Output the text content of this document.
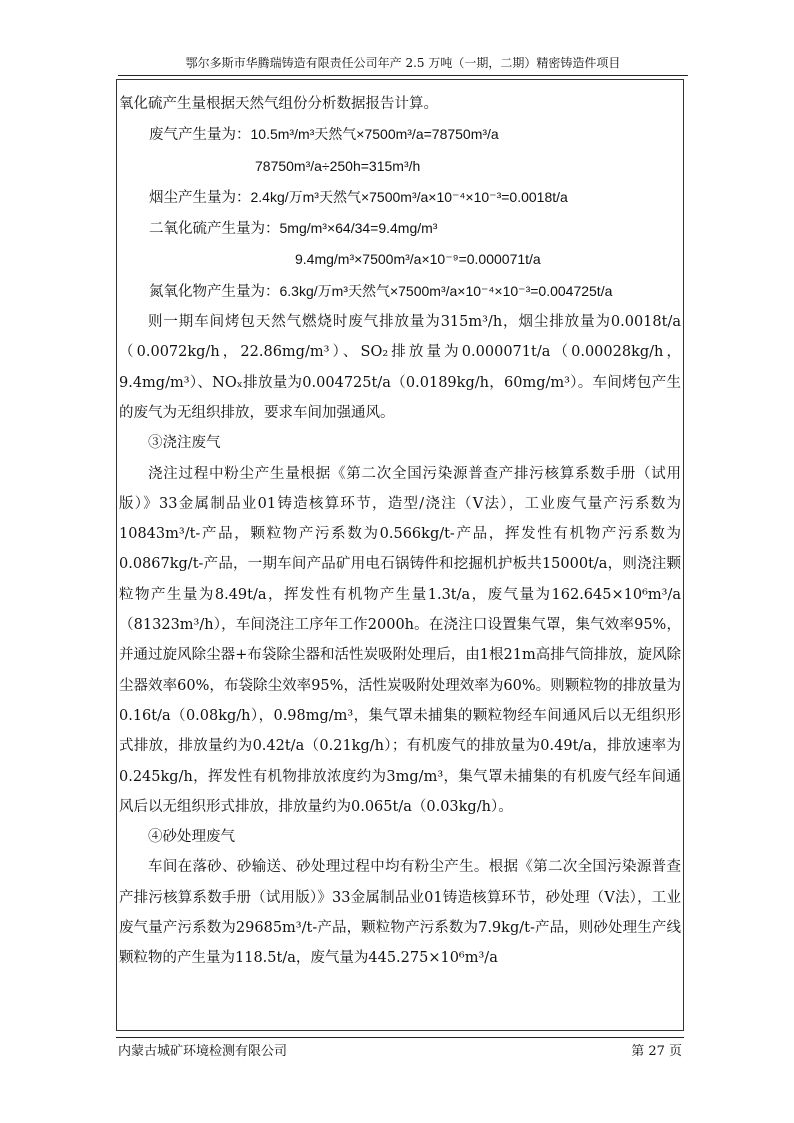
鄂尔多斯市华腾瑞铸造有限责任公司年产 2.5 万吨（一期，二期）精密铸造件项目

氧化硫产生量根据天然气组份分析数据报告计算。

废气产生量为：10.5m³/m³天然气×7500m³/a=78750m³/a

78750m³/a÷250h=315m³/h

烟尘产生量为：2.4kg/万m³天然气×7500m³/a×10⁻⁴×10⁻³=0.0018t/a

二氧化硫产生量为：5mg/m³×64/34=9.4mg/m³

9.4mg/m³×7500m³/a×10⁻⁹=0.000071t/a

氮氧化物产生量为：6.3kg/万m³天然气×7500m³/a×10⁻⁴×10⁻³=0.004725t/a

则一期车间烤包天然气燃烧时废气排放量为315m³/h，烟尘排放量为0.0018t/a（0.0072kg/h，22.86mg/m³）、SO₂排放量为0.000071t/a（0.00028kg/h，9.4mg/m³）、NOₓ排放量为0.004725t/a（0.0189kg/h，60mg/m³）。车间烤包产生的废气为无组织排放，要求车间加强通风。

③浇注废气

浇注过程中粉尘产生量根据《第二次全国污染源普查产排污核算系数手册（试用版）》33金属制品业01铸造核算环节，造型/浇注（V法），工业废气量产污系数为10843m³/t-产品，颗粒物产污系数为0.566kg/t-产品，挥发性有机物产污系数为0.0867kg/t-产品，一期车间产品矿用电石锅铸件和挖掘机护板共15000t/a，则浇注颗粒物产生量为8.49t/a，挥发性有机物产生量1.3t/a，废气量为162.645×10⁶m³/a（81323m³/h），车间浇注工序年工作2000h。在浇注口设置集气罩，集气效率95%，并通过旋风除尘器+布袋除尘器和活性炭吸附处理后，由1根21m高排气筒排放，旋风除尘器效率60%，布袋除尘效率95%，活性炭吸附处理效率为60%。则颗粒物的排放量为0.16t/a（0.08kg/h），0.98mg/m³，集气罩未捕集的颗粒物经车间通风后以无组织形式排放，排放量约为0.42t/a（0.21kg/h）；有机废气的排放量为0.49t/a，排放速率为0.245kg/h，挥发性有机物排放浓度约为3mg/m³，集气罩未捕集的有机废气经车间通风后以无组织形式排放，排放量约为0.065t/a（0.03kg/h）。

④砂处理废气

车间在落砂、砂输送、砂处理过程中均有粉尘产生。根据《第二次全国污染源普查产排污核算系数手册（试用版）》33金属制品业01铸造核算环节，砂处理（V法），工业废气量产污系数为29685m³/t-产品，颗粒物产污系数为7.9kg/t-产品，则砂处理生产线颗粒物的产生量为118.5t/a，废气量为445.275×10⁶m³/a

内蒙古城矿环境检测有限公司	第 27 页
